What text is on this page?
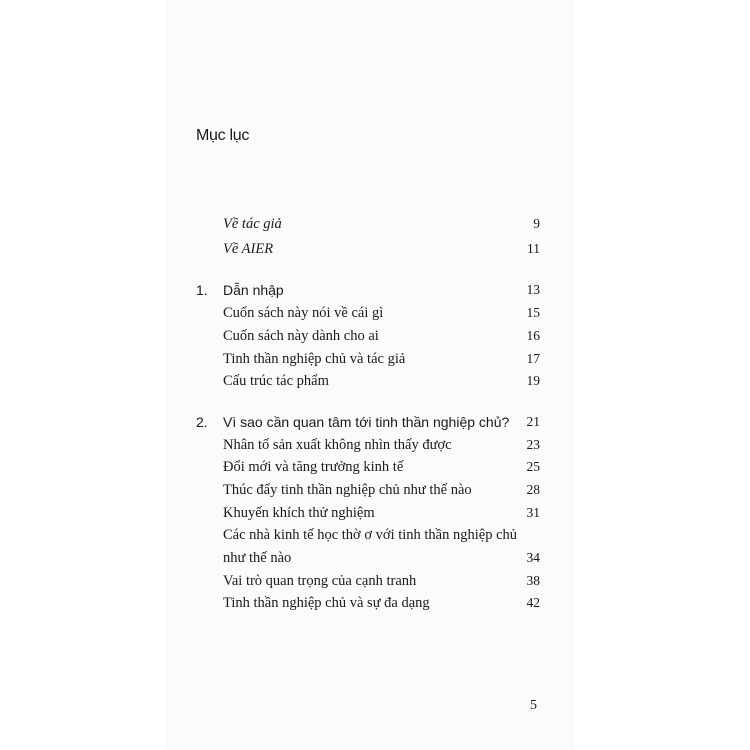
Mục lục
Về tác giả	9
Về AIER	11
1. Dẫn nhập	13
Cuốn sách này nói về cái gì	15
Cuốn sách này dành cho ai	16
Tinh thần nghiệp chủ và tác giả	17
Cấu trúc tác phẩm	19
2. Vì sao cần quan tâm tới tinh thần nghiệp chủ?	21
Nhân tố sản xuất không nhìn thấy được	23
Đổi mới và tăng trưởng kinh tế	25
Thúc đẩy tinh thần nghiệp chủ như thế nào	28
Khuyến khích thử nghiệm	31
Các nhà kinh tế học thờ ơ với tinh thần nghiệp chủ
như thế nào	34
Vai trò quan trọng của cạnh tranh	38
Tinh thần nghiệp chủ và sự đa dạng	42
5
